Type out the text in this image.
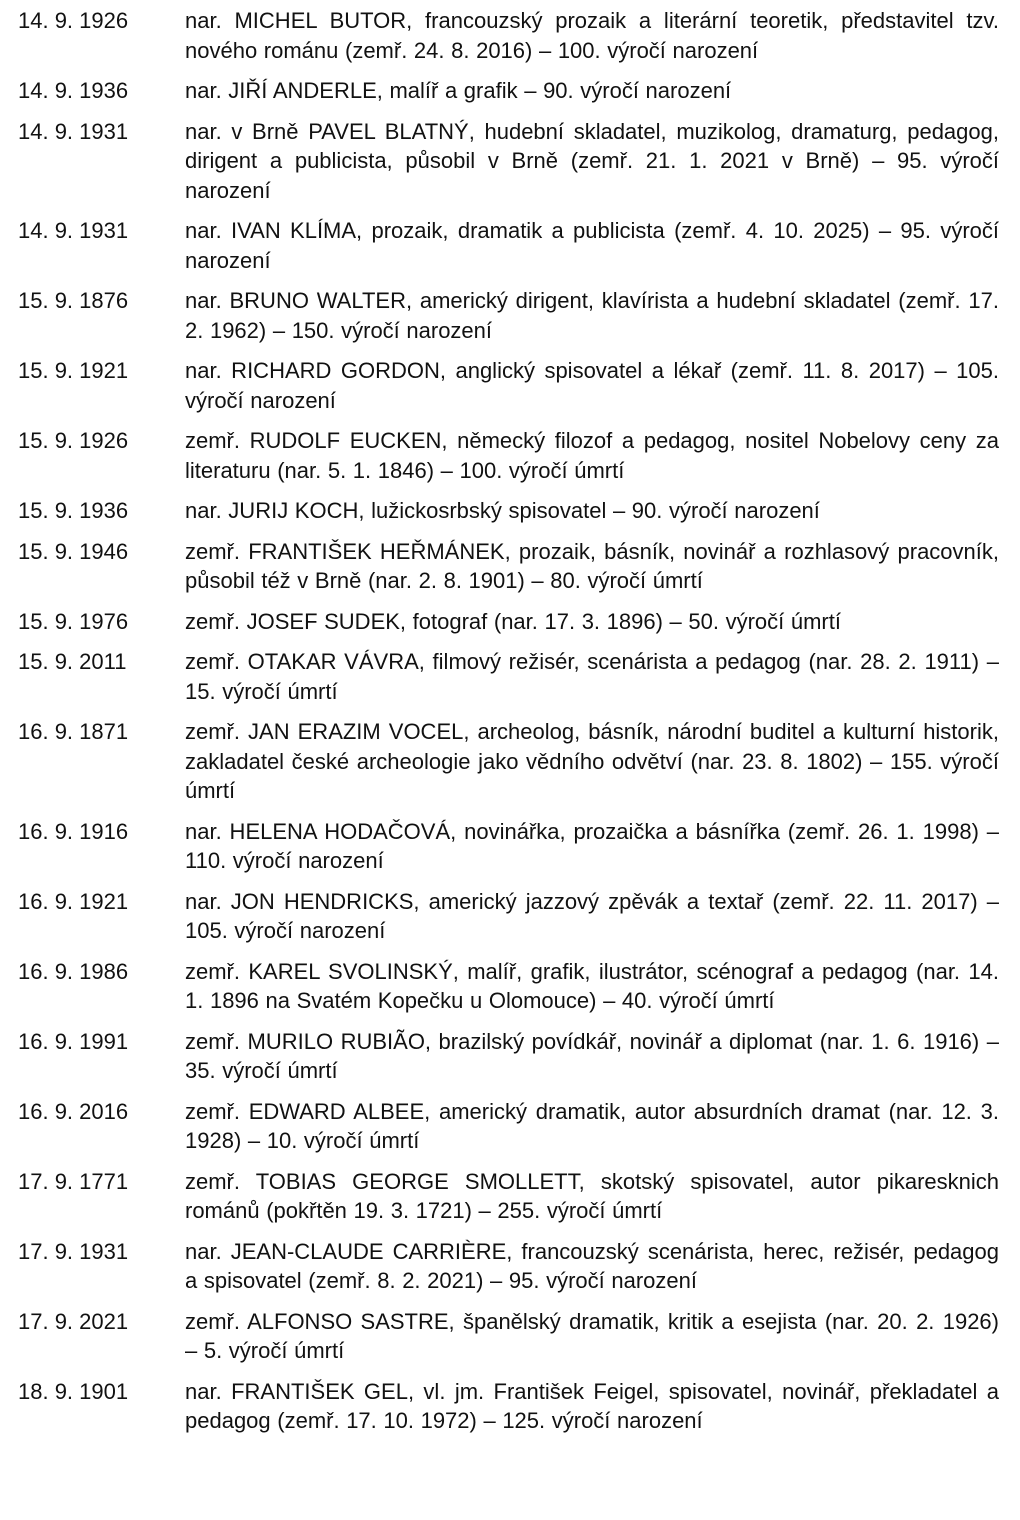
14. 9. 1926	nar. MICHEL BUTOR, francouzský prozaik a literární teoretik, představitel tzv. nového románu (zemř. 24. 8. 2016) – 100. výročí narození
14. 9. 1936	nar. JIŘÍ ANDERLE, malíř a grafik – 90. výročí narození
14. 9. 1931	nar. v Brně PAVEL BLATNÝ, hudební skladatel, muzikolog, dramaturg, pedagog, dirigent a publicista, působil v Brně (zemř. 21. 1. 2021 v Brně) – 95. výročí narození
14. 9. 1931	nar. IVAN KLÍMA, prozaik, dramatik a publicista (zemř. 4. 10. 2025) – 95. výročí narození
15. 9. 1876	nar. BRUNO WALTER, americký dirigent, klavírista a hudební skladatel (zemř. 17. 2. 1962) – 150. výročí narození
15. 9. 1921	nar. RICHARD GORDON, anglický spisovatel a lékař (zemř. 11. 8. 2017) – 105. výročí narození
15. 9. 1926	zemř. RUDOLF EUCKEN, německý filozof a pedagog, nositel Nobelovy ceny za literaturu (nar. 5. 1. 1846) – 100. výročí úmrtí
15. 9. 1936	nar. JURIJ KOCH, lužickosrbský spisovatel – 90. výročí narození
15. 9. 1946	zemř. FRANTIŠEK HEŘMÁNEK, prozaik, básník, novinář a rozhlasový pracovník, působil též v Brně (nar. 2. 8. 1901) – 80. výročí úmrtí
15. 9. 1976	zemř. JOSEF SUDEK, fotograf (nar. 17. 3. 1896) – 50. výročí úmrtí
15. 9. 2011	zemř. OTAKAR VÁVRA, filmový režisér, scenárista a pedagog (nar. 28. 2. 1911) – 15. výročí úmrtí
16. 9. 1871	zemř. JAN ERAZIM VOCEL, archeolog, básník, národní buditel a kulturní historik, zakladatel české archeologie jako vědního odvětví (nar. 23. 8. 1802) – 155. výročí úmrtí
16. 9. 1916	nar. HELENA HODAČOVÁ, novinářka, prozaička a básnířka (zemř. 26. 1. 1998) – 110. výročí narození
16. 9. 1921	nar. JON HENDRICKS, americký jazzový zpěvák a textař (zemř. 22. 11. 2017) – 105. výročí narození
16. 9. 1986	zemř. KAREL SVOLINSKÝ, malíř, grafik, ilustrátor, scénograf a pedagog (nar. 14. 1. 1896 na Svatém Kopečku u Olomouce) – 40. výročí úmrtí
16. 9. 1991	zemř. MURILO RUBIÃO, brazilský povídkář, novinář a diplomat (nar. 1. 6. 1916) – 35. výročí úmrtí
16. 9. 2016	zemř. EDWARD ALBEE, americký dramatik, autor absurdních dramat (nar. 12. 3. 1928) – 10. výročí úmrtí
17. 9. 1771	zemř. TOBIAS GEORGE SMOLLETT, skotský spisovatel, autor pikaresknich románů (pokřtěn 19. 3. 1721) – 255. výročí úmrtí
17. 9. 1931	nar. JEAN-CLAUDE CARRIÈRE, francouzský scenárista, herec, režisér, pedagog a spisovatel (zemř. 8. 2. 2021) – 95. výročí narození
17. 9. 2021	zemř. ALFONSO SASTRE, španělský dramatik, kritik a esejista (nar. 20. 2. 1926) – 5. výročí úmrtí
18. 9. 1901	nar. FRANTIŠEK GEL, vl. jm. František Feigel, spisovatel, novinář, překladatel a pedagog (zemř. 17. 10. 1972) – 125. výročí narození
